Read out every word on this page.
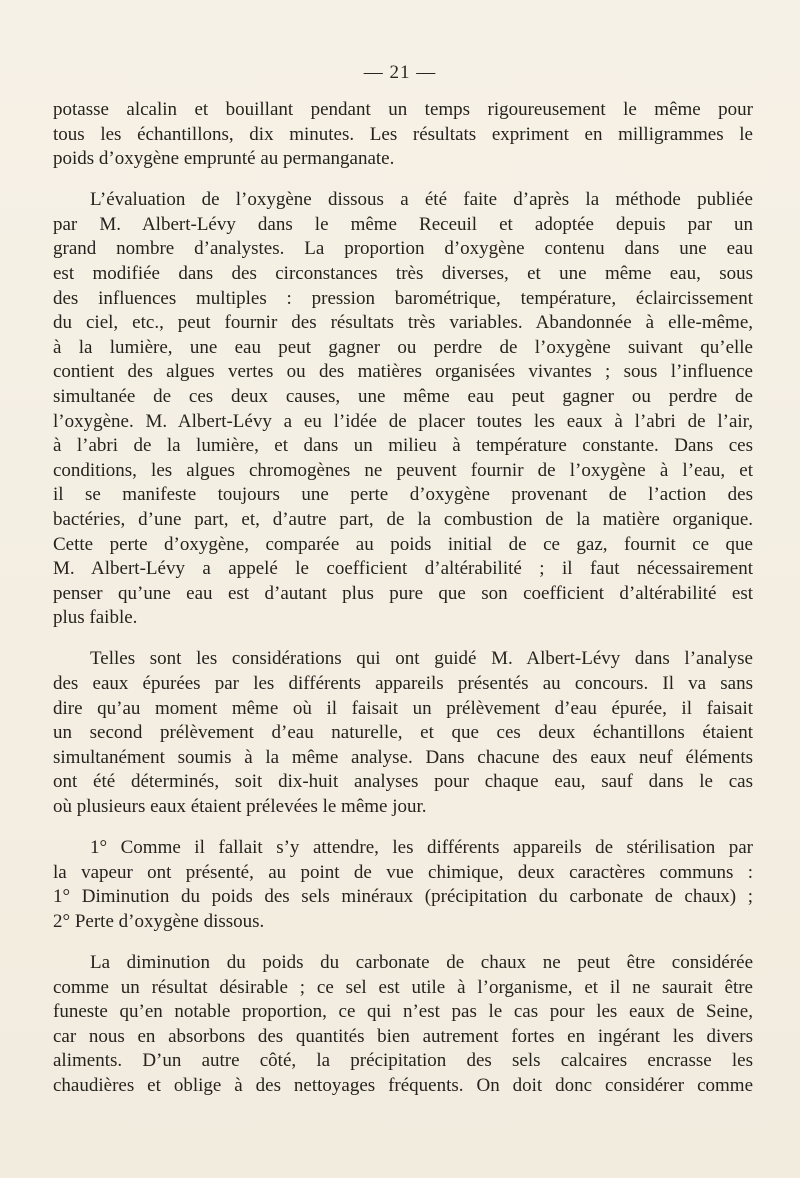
— 21 —

potasse alcalin et bouillant pendant un temps rigoureusement le même pour
tous les échantillons, dix minutes. Les résultats expriment en milligrammes le
poids d’oxygène emprunté au permanganate.

L’évaluation de l’oxygène dissous a été faite d’après la méthode publiée
par M. Albert-Lévy dans le même Receuil et adoptée depuis par un
grand nombre d’analystes. La proportion d’oxygène contenu dans une eau
est modifiée dans des circonstances très diverses, et une même eau, sous
des influences multiples : pression barométrique, température, éclaircissement
du ciel, etc., peut fournir des résultats très variables. Abandonnée à elle-même,
à la lumière, une eau peut gagner ou perdre de l’oxygène suivant qu’elle
contient des algues vertes ou des matières organisées vivantes ; sous l’influence
simultanée de ces deux causes, une même eau peut gagner ou perdre de
l’oxygène. M. Albert-Lévy a eu l’idée de placer toutes les eaux à l’abri de l’air,
à l’abri de la lumière, et dans un milieu à température constante. Dans ces
conditions, les algues chromogènes ne peuvent fournir de l’oxygène à l’eau, et
il se manifeste toujours une perte d’oxygène provenant de l’action des
bactéries, d’une part, et, d’autre part, de la combustion de la matière organique.
Cette perte d’oxygène, comparée au poids initial de ce gaz, fournit ce que
M. Albert-Lévy a appelé le coefficient d’altérabilité ; il faut nécessairement
penser qu’une eau est d’autant plus pure que son coefficient d’altérabilité est
plus faible.

Telles sont les considérations qui ont guidé M. Albert-Lévy dans l’analyse
des eaux épurées par les différents appareils présentés au concours. Il va sans
dire qu’au moment même où il faisait un prélèvement d’eau épurée, il faisait
un second prélèvement d’eau naturelle, et que ces deux échantillons étaient
simultanément soumis à la même analyse. Dans chacune des eaux neuf éléments
ont été déterminés, soit dix-huit analyses pour chaque eau, sauf dans le cas
où plusieurs eaux étaient prélevées le même jour.

1° Comme il fallait s’y attendre, les différents appareils de stérilisation par
la vapeur ont présenté, au point de vue chimique, deux caractères communs :
1° Diminution du poids des sels minéraux (précipitation du carbonate de chaux) ;
2° Perte d’oxygène dissous.

La diminution du poids du carbonate de chaux ne peut être considérée
comme un résultat désirable ; ce sel est utile à l’organisme, et il ne saurait être
funeste qu’en notable proportion, ce qui n’est pas le cas pour les eaux de Seine,
car nous en absorbons des quantités bien autrement fortes en ingérant les divers
aliments. D’un autre côté, la précipitation des sels calcaires encrasse les
chaudières et oblige à des nettoyages fréquents. On doit donc considérer comme
